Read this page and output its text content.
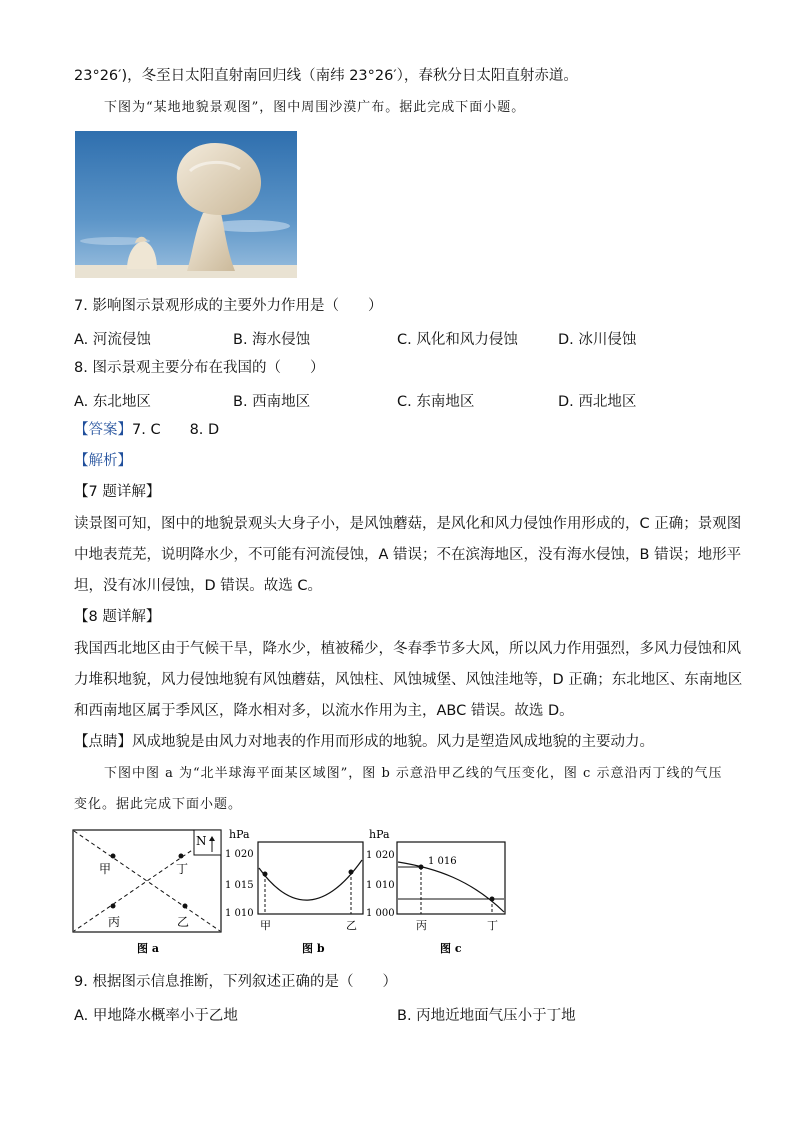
23°26′)，冬至日太阳直射南回归线（南纬 23°26′），春秋分日太阳直射赤道。
下图为“某地地貌景观图”，图中周围沙漠广布。据此完成下面小题。
7. 影响图示景观形成的主要外力作用是（　　）
A. 河流侵蚀	B. 海水侵蚀	C. 风化和风力侵蚀	D. 冰川侵蚀
8. 图示景观主要分布在我国的（　　）
A. 东北地区	B. 西南地区	C. 东南地区	D. 西北地区
【答案】7. C　　8. D
【解析】
【7 题详解】
读景图可知，图中的地貌景观头大身子小，是风蚀蘑菇，是风化和风力侵蚀作用形成的，C 正确；景观图
中地表荒芜，说明降水少，不可能有河流侵蚀，A 错误；不在滨海地区，没有海水侵蚀，B 错误；地形平
坦，没有冰川侵蚀，D 错误。故选 C。
【8 题详解】
我国西北地区由于气候干旱，降水少，植被稀少，冬春季节多大风，所以风力作用强烈，多风力侵蚀和风
力堆积地貌，风力侵蚀地貌有风蚀蘑菇，风蚀柱、风蚀城堡、风蚀洼地等，D 正确；东北地区、东南地区
和西南地区属于季风区，降水相对多，以流水作用为主，ABC 错误。故选 D。
【点睛】风成地貌是由风力对地表的作用而形成的地貌。风力是塑造风成地貌的主要动力。
下图中图 a 为“北半球海平面某区域图”，图 b 示意沿甲乙线的气压变化，图 c 示意沿丙丁线的气压
变化。据此完成下面小题。
N
甲	丁
丙	乙
图 a
hPa
1 020
1 015
1 010
甲	乙
图 b
hPa
1 020
1 010
1 000
1 016
丙	丁
图 c
9. 根据图示信息推断，下列叙述正确的是（　　）
A. 甲地降水概率小于乙地	B. 丙地近地面气压小于丁地
